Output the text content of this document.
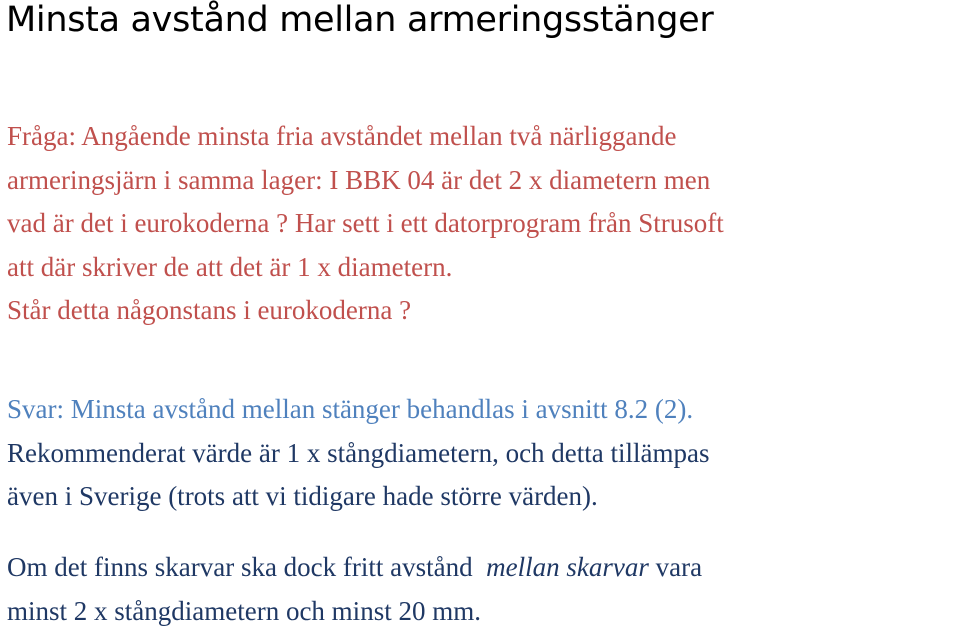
Minsta avstånd mellan armeringsstänger

Fråga: Angående minsta fria avståndet mellan två närliggande
armeringsjärn i samma lager: I BBK 04 är det 2 x diametern men
vad är det i eurokoderna ? Har sett i ett datorprogram från Strusoft
att där skriver de att det är 1 x diametern.
Står detta någonstans i eurokoderna ?

Svar: Minsta avstånd mellan stänger behandlas i avsnitt 8.2 (2).
Rekommenderat värde är 1 x stångdiametern, och detta tillämpas
även i Sverige (trots att vi tidigare hade större värden).

Om det finns skarvar ska dock fritt avstånd  mellan skarvar vara
minst 2 x stångdiametern och minst 20 mm.
